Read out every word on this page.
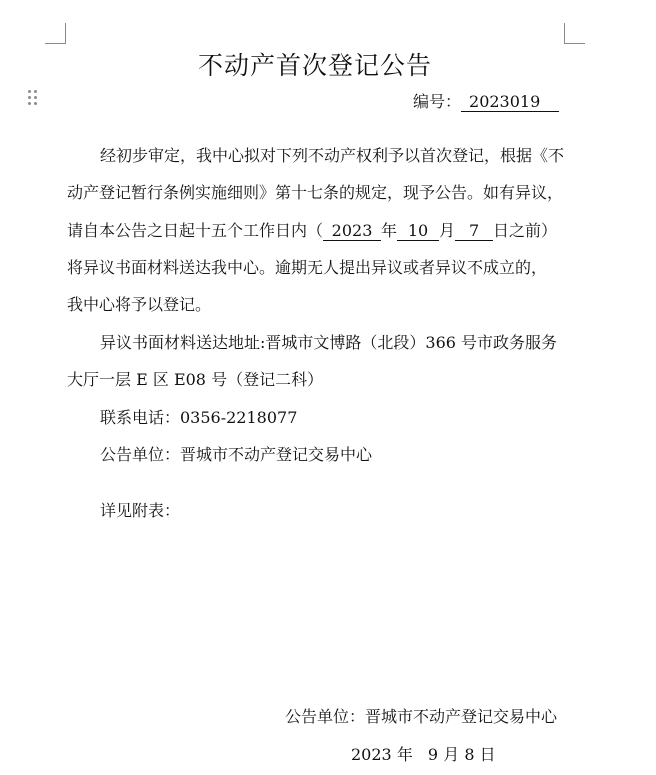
不动产首次登记公告
编号： 2023019
经初步审定，我中心拟对下列不动产权利予以首次登记，根据《不
动产登记暂行条例实施细则》第十七条的规定，现予公告。如有异议，
请自本公告之日起十五个工作日内（ 2023 年 10 月 7 日之前）
将异议书面材料送达我中心。逾期无人提出异议或者异议不成立的，
我中心将予以登记。
异议书面材料送达地址:晋城市文博路（北段）366 号市政务服务
大厅一层 E 区 E08 号（登记二科）
联系电话：0356-2218077
公告单位：晋城市不动产登记交易中心
详见附表：
公告单位：晋城市不动产登记交易中心
2023 年 9 月 8 日
